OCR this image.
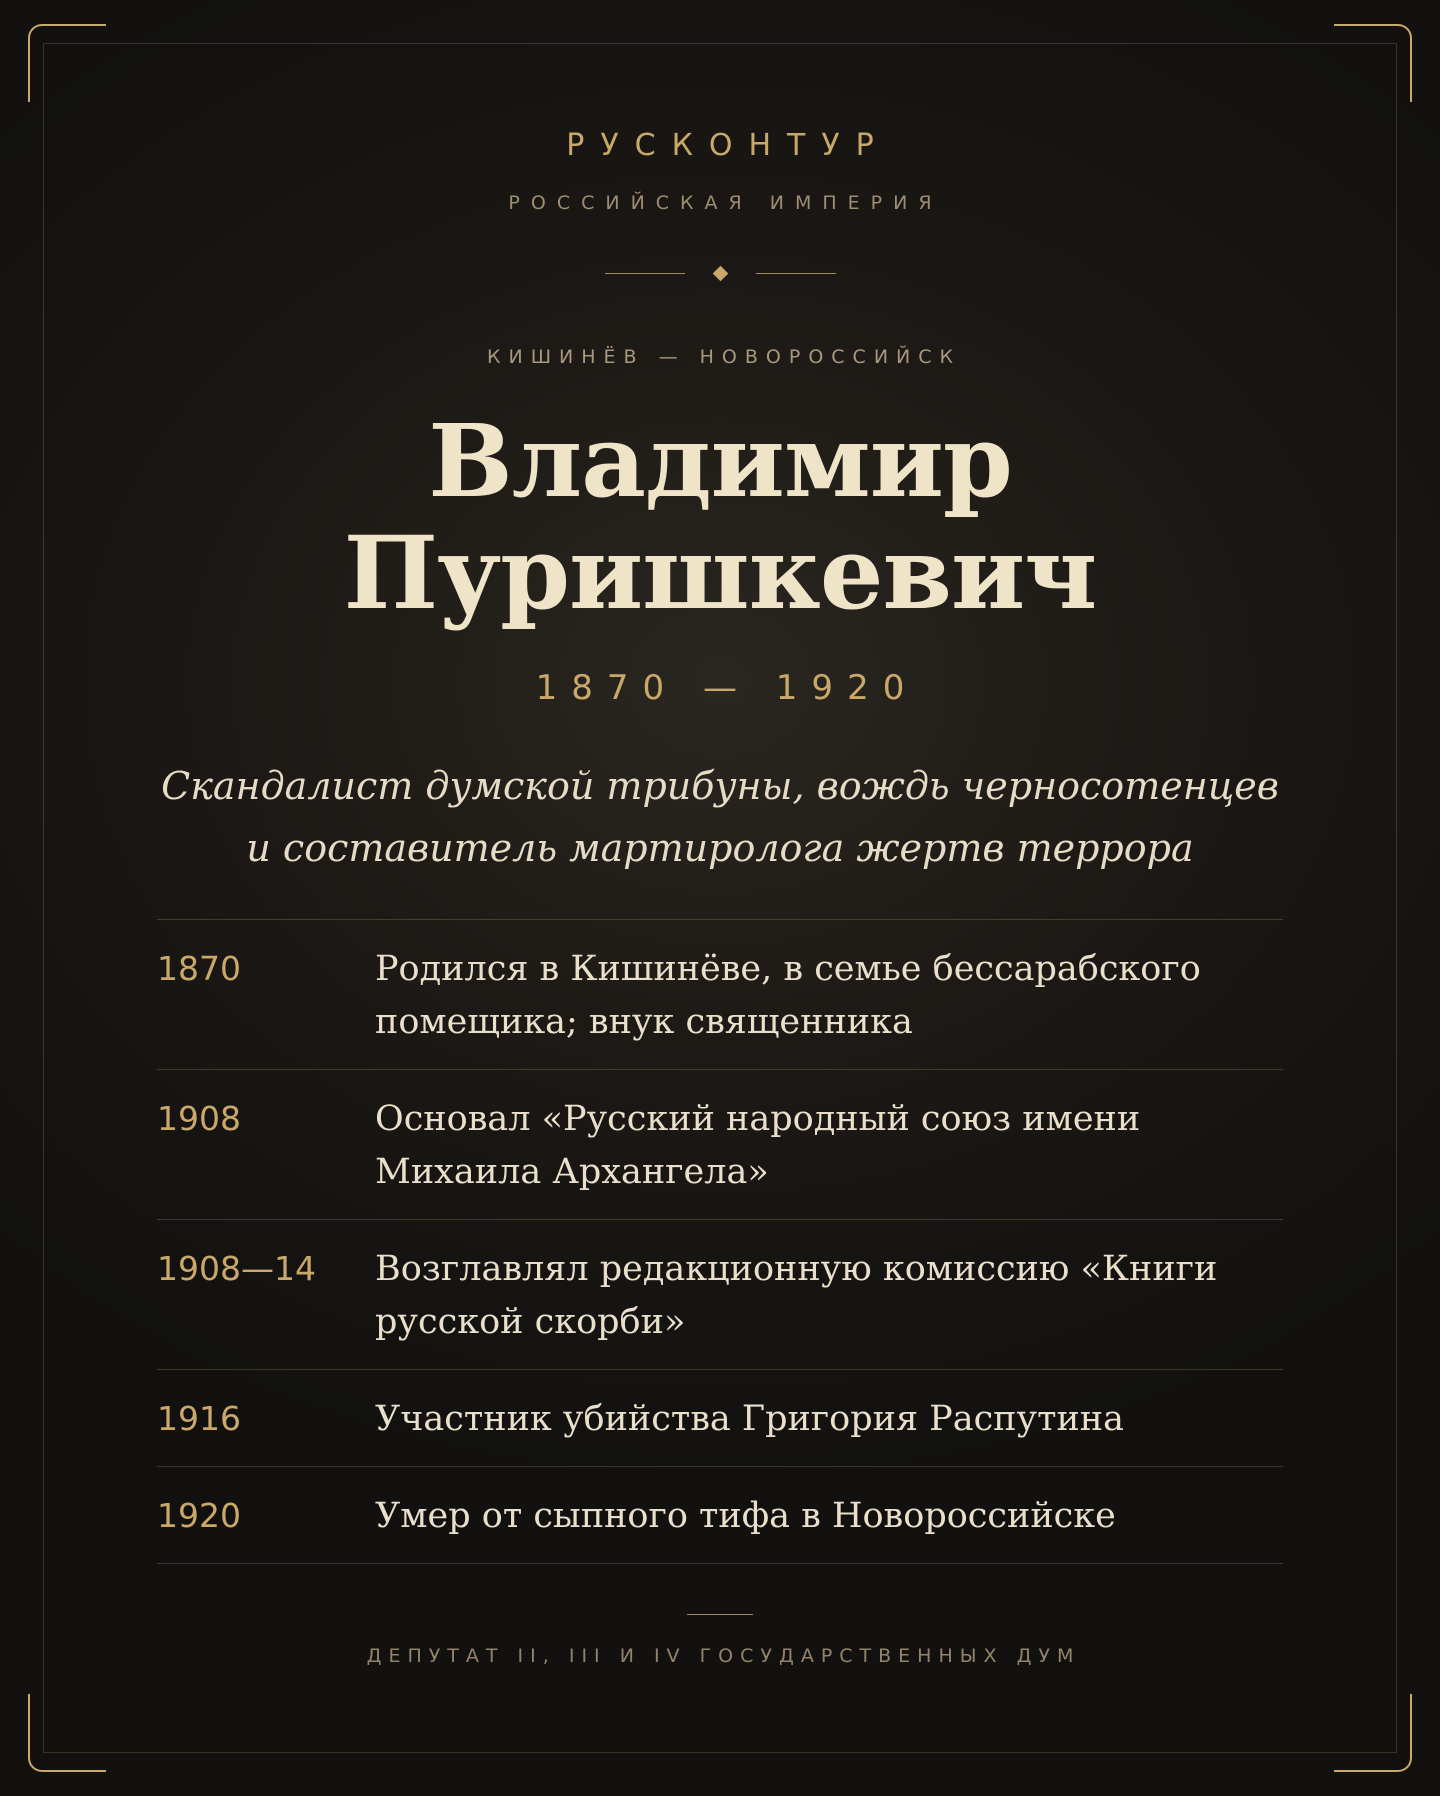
РУСКОНТУР
РОССИЙСКАЯ ИМПЕРИЯ
КИШИНЁВ — НОВОРОССИЙСК
Владимир
Пуришкевич
1870 — 1920
Скандалист думской трибуны, вождь черносотенцев
и составитель мартиролога жертв террора
1870	Родился в Кишинёве, в семье бессарабского помещика; внук священника
1908	Основал «Русский народный союз имени Михаила Архангела»
1908—14	Возглавлял редакционную комиссию «Книги русской скорби»
1916	Участник убийства Григория Распутина
1920	Умер от сыпного тифа в Новороссийске
ДЕПУТАТ II, III И IV ГОСУДАРСТВЕННЫХ ДУМ
